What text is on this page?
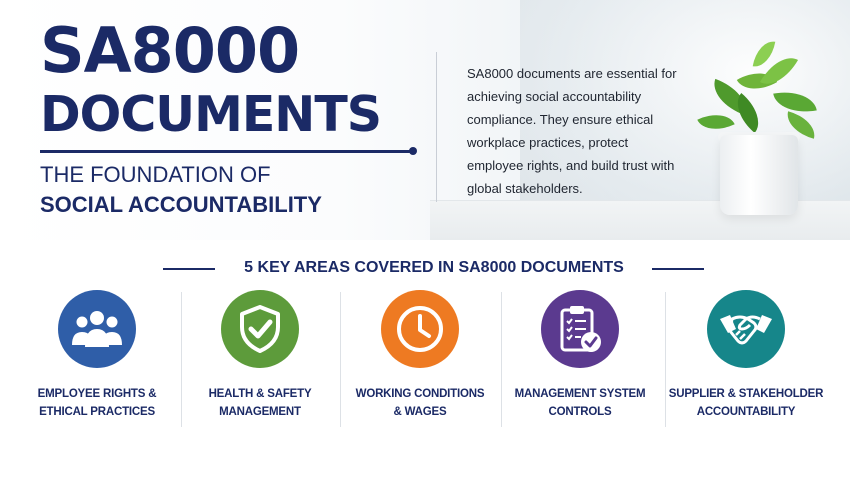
SA8000
DOCUMENTS
THE FOUNDATION OF
SOCIAL ACCOUNTABILITY

SA8000 documents are essential for achieving social accountability compliance. They ensure ethical workplace practices, protect employee rights, and build trust with global stakeholders.

5 KEY AREAS COVERED IN SA8000 DOCUMENTS
EMPLOYEE RIGHTS &
ETHICAL PRACTICES
HEALTH & SAFETY
MANAGEMENT
WORKING CONDITIONS
& WAGES
MANAGEMENT SYSTEM
CONTROLS
SUPPLIER & STAKEHOLDER
ACCOUNTABILITY
